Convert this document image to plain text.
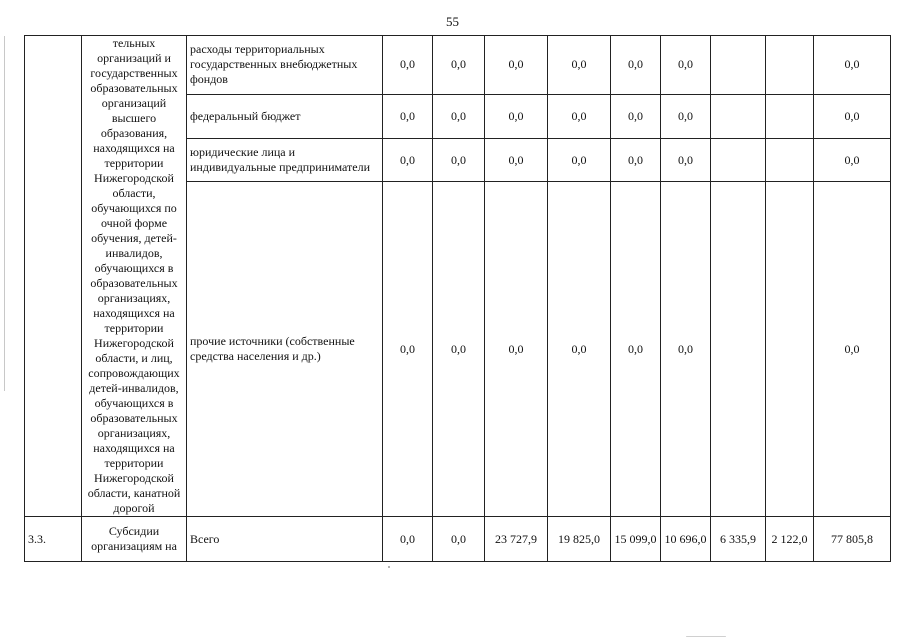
55
	тельных организаций и государственных образовательных организаций высшего образования, находящихся на территории Нижегородской области, обучающихся по очной форме обучения, детей-инвалидов, обучающихся в образовательных организациях, находящихся на территории Нижегородской области, и лиц, сопровождающих детей-инвалидов, обучающихся в образовательных организациях, находящихся на территории Нижегородской области, канатной дорогой	расходы территориальных государственных внебюджетных фондов	0,0	0,0	0,0	0,0	0,0	0,0			0,0
		федеральный бюджет	0,0	0,0	0,0	0,0	0,0	0,0			0,0
		юридические лица и индивидуальные предприниматели	0,0	0,0	0,0	0,0	0,0	0,0			0,0
		прочие источники (собственные средства населения и др.)	0,0	0,0	0,0	0,0	0,0	0,0			0,0
3.3.	Субсидии организациям на	Всего	0,0	0,0	23 727,9	19 825,0	15 099,0	10 696,0	6 335,9	2 122,0	77 805,8
